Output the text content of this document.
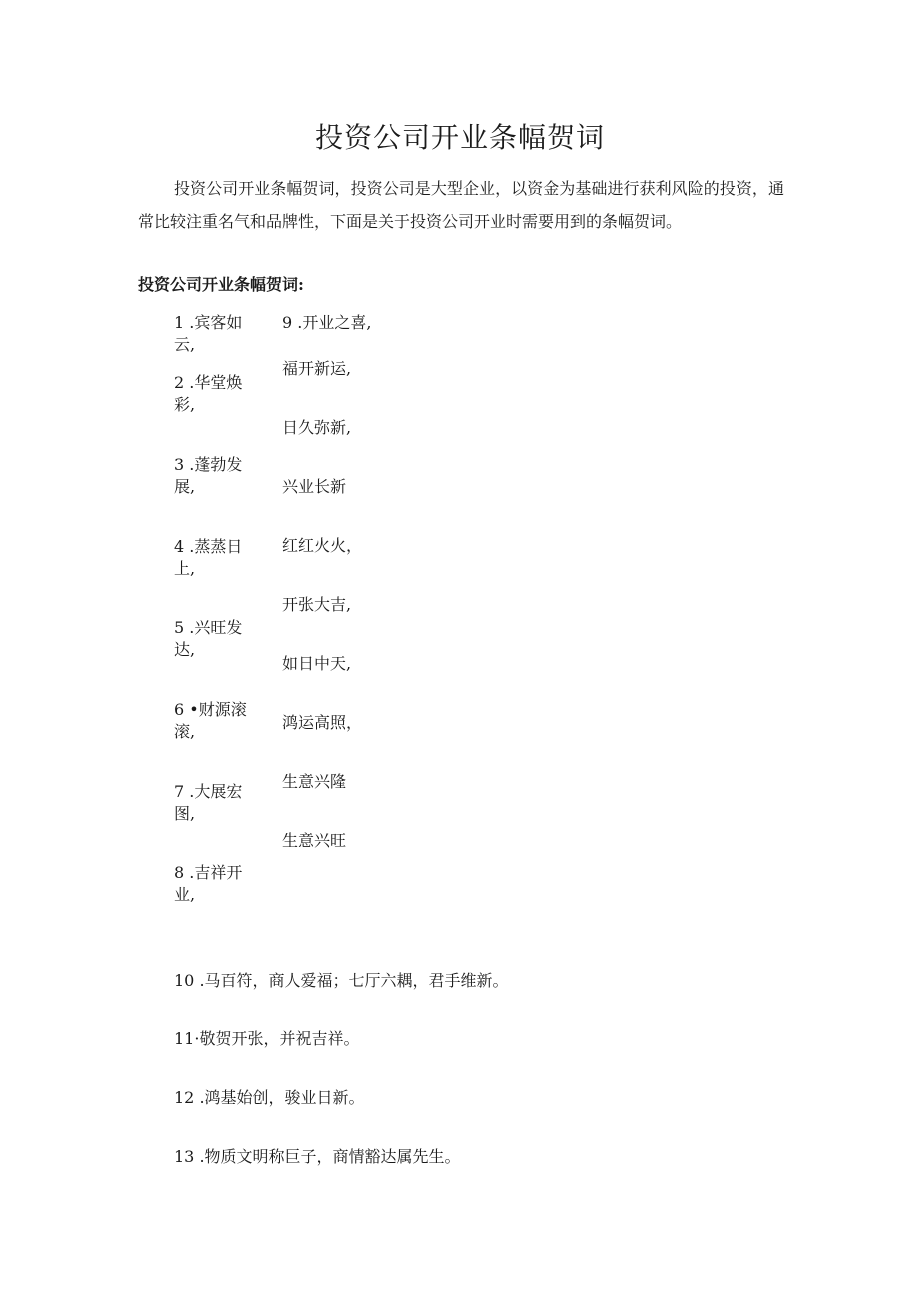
投资公司开业条幅贺词

投资公司开业条幅贺词，投资公司是大型企业，以资金为基础进行获利风险的投资，通常比较注重名气和品牌性，下面是关于投资公司开业时需要用到的条幅贺词。

投资公司开业条幅贺词:

1 .宾客如云,

2 .华堂焕彩,

3 .蓬勃发展,

4 .蒸蒸日上,

5 .兴旺发达,

6 •财源滚滚,

7 .大展宏图,

8 .吉祥开业,

9 .开业之喜,

福开新运,

日久弥新,

兴业长新

红红火火，

开张大吉,

如日中天,

鸿运高照，

生意兴隆

生意兴旺

10 .马百符，商人爱福；七厅六耦，君手维新。

11·敬贺开张，并祝吉祥。

12 .鸿基始创，骏业日新。

13 .物质文明称巨子，商情豁达属先生。
